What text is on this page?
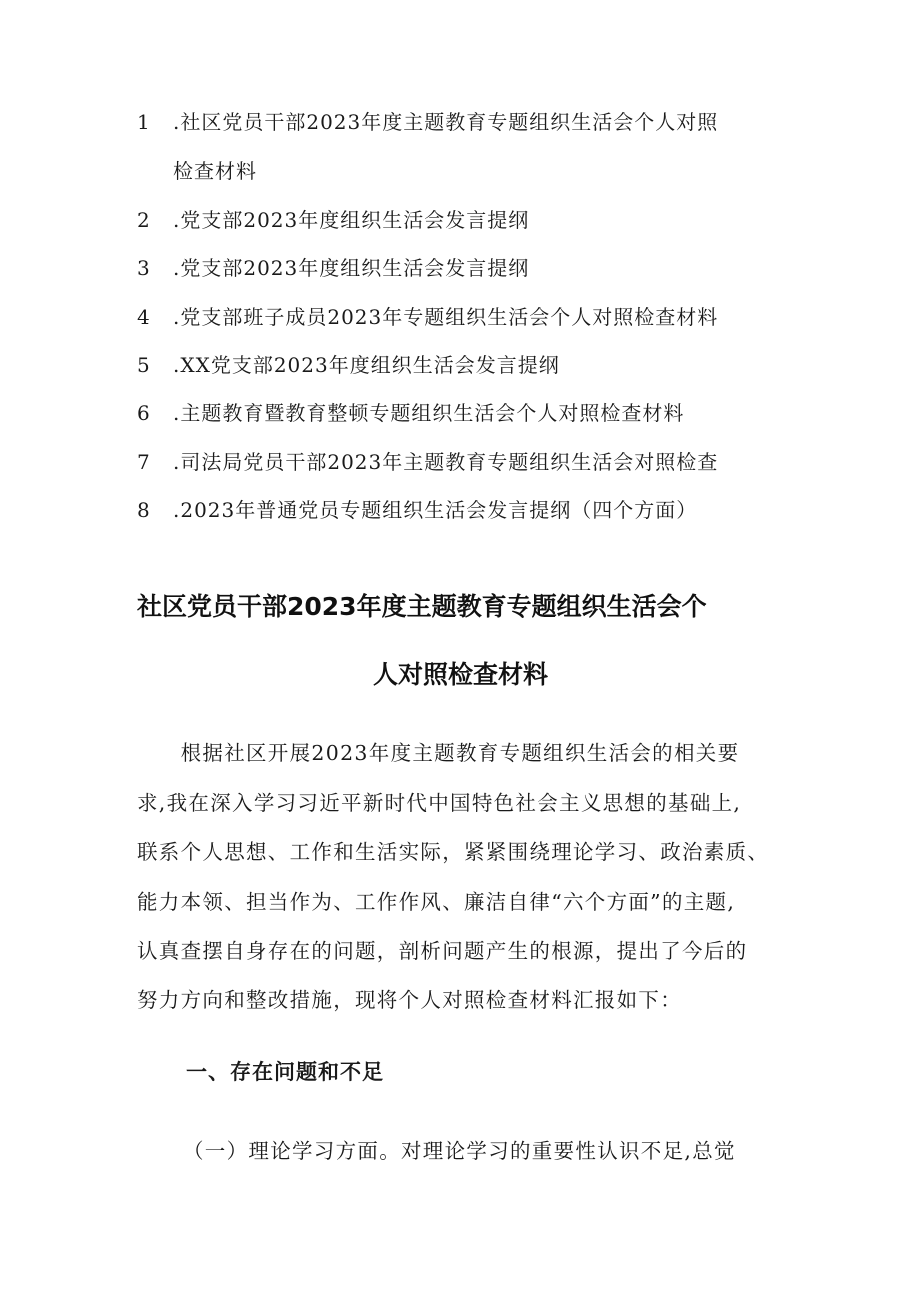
1 .社区党员干部2023年度主题教育专题组织生活会个人对照
检查材料
2 .党支部2023年度组织生活会发言提纲
3 .党支部2023年度组织生活会发言提纲
4 .党支部班子成员2023年专题组织生活会个人对照检查材料
5 .XX党支部2023年度组织生活会发言提纲
6 .主题教育暨教育整顿专题组织生活会个人对照检查材料
7 .司法局党员干部2023年主题教育专题组织生活会对照检查
8 .2023年普通党员专题组织生活会发言提纲（四个方面）
社区党员干部2023年度主题教育专题组织生活会个
人对照检查材料
　　根据社区开展2023年度主题教育专题组织生活会的相关要
求,我在深入学习习近平新时代中国特色社会主义思想的基础上,
联系个人思想、工作和生活实际，紧紧围绕理论学习、政治素质、
能力本领、担当作为、工作作风、廉洁自律“六个方面”的主题,
认真查摆自身存在的问题，剖析问题产生的根源，提出了今后的
努力方向和整改措施，现将个人对照检查材料汇报如下：
一、存在问题和不足
（一）理论学习方面。对理论学习的重要性认识不足,总觉
